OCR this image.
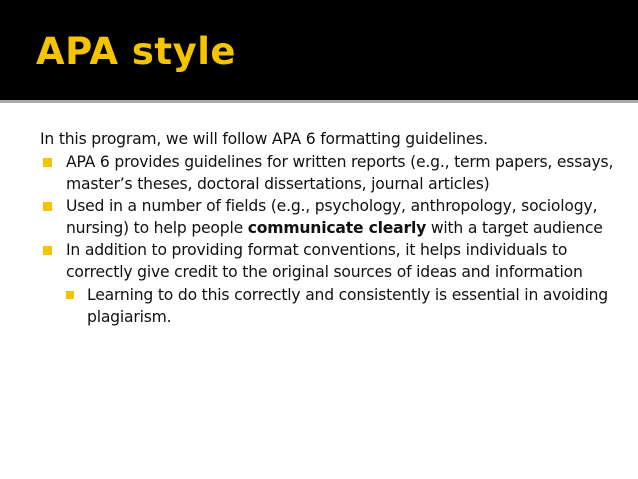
APA style
In this program, we will follow APA 6 formatting guidelines.
APA 6 provides guidelines for written reports (e.g., term papers, essays, master’s theses, doctoral dissertations, journal articles)
Used in a number of fields (e.g., psychology, anthropology, sociology, nursing) to help people communicate clearly with a target audience
In addition to providing format conventions, it helps individuals to correctly give credit to the original sources of ideas and information
Learning to do this correctly and consistently is essential in avoiding plagiarism.
